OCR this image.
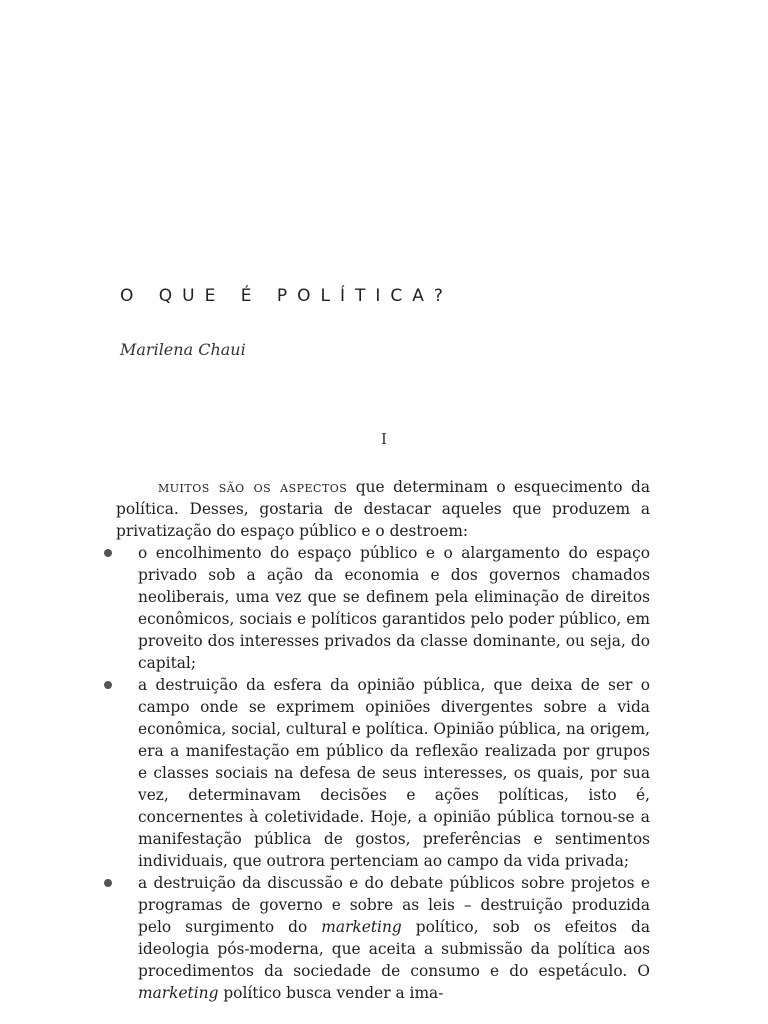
O QUE É POLÍTICA?
Marilena Chaui
I

muitos são os aspectos que determinam o esquecimento da política. Desses, gostaria de destacar aqueles que produzem a privatização do espaço público e o destroem:

o encolhimento do espaço público e o alargamento do espaço privado sob a ação da economia e dos governos chamados neoliberais, uma vez que se definem pela eliminação de direitos econômicos, sociais e políticos garantidos pelo poder público, em proveito dos interesses privados da classe dominante, ou seja, do capital;
a destruição da esfera da opinião pública, que deixa de ser o campo onde se exprimem opiniões divergentes sobre a vida econômica, social, cultural e política. Opinião pública, na origem, era a manifestação em público da reflexão realizada por grupos e classes sociais na defesa de seus interesses, os quais, por sua vez, determinavam decisões e ações políticas, isto é, concernentes à coletividade. Hoje, a opinião pública tornou-se a manifestação pública de gostos, preferências e sentimentos individuais, que outrora pertenciam ao campo da vida privada;
a destruição da discussão e do debate públicos sobre projetos e programas de governo e sobre as leis – destruição produzida pelo surgimento do marketing político, sob os efeitos da ideologia pós-moderna, que aceita a submissão da política aos procedimentos da sociedade de consumo e do espetáculo. O marketing político busca vender a ima-
